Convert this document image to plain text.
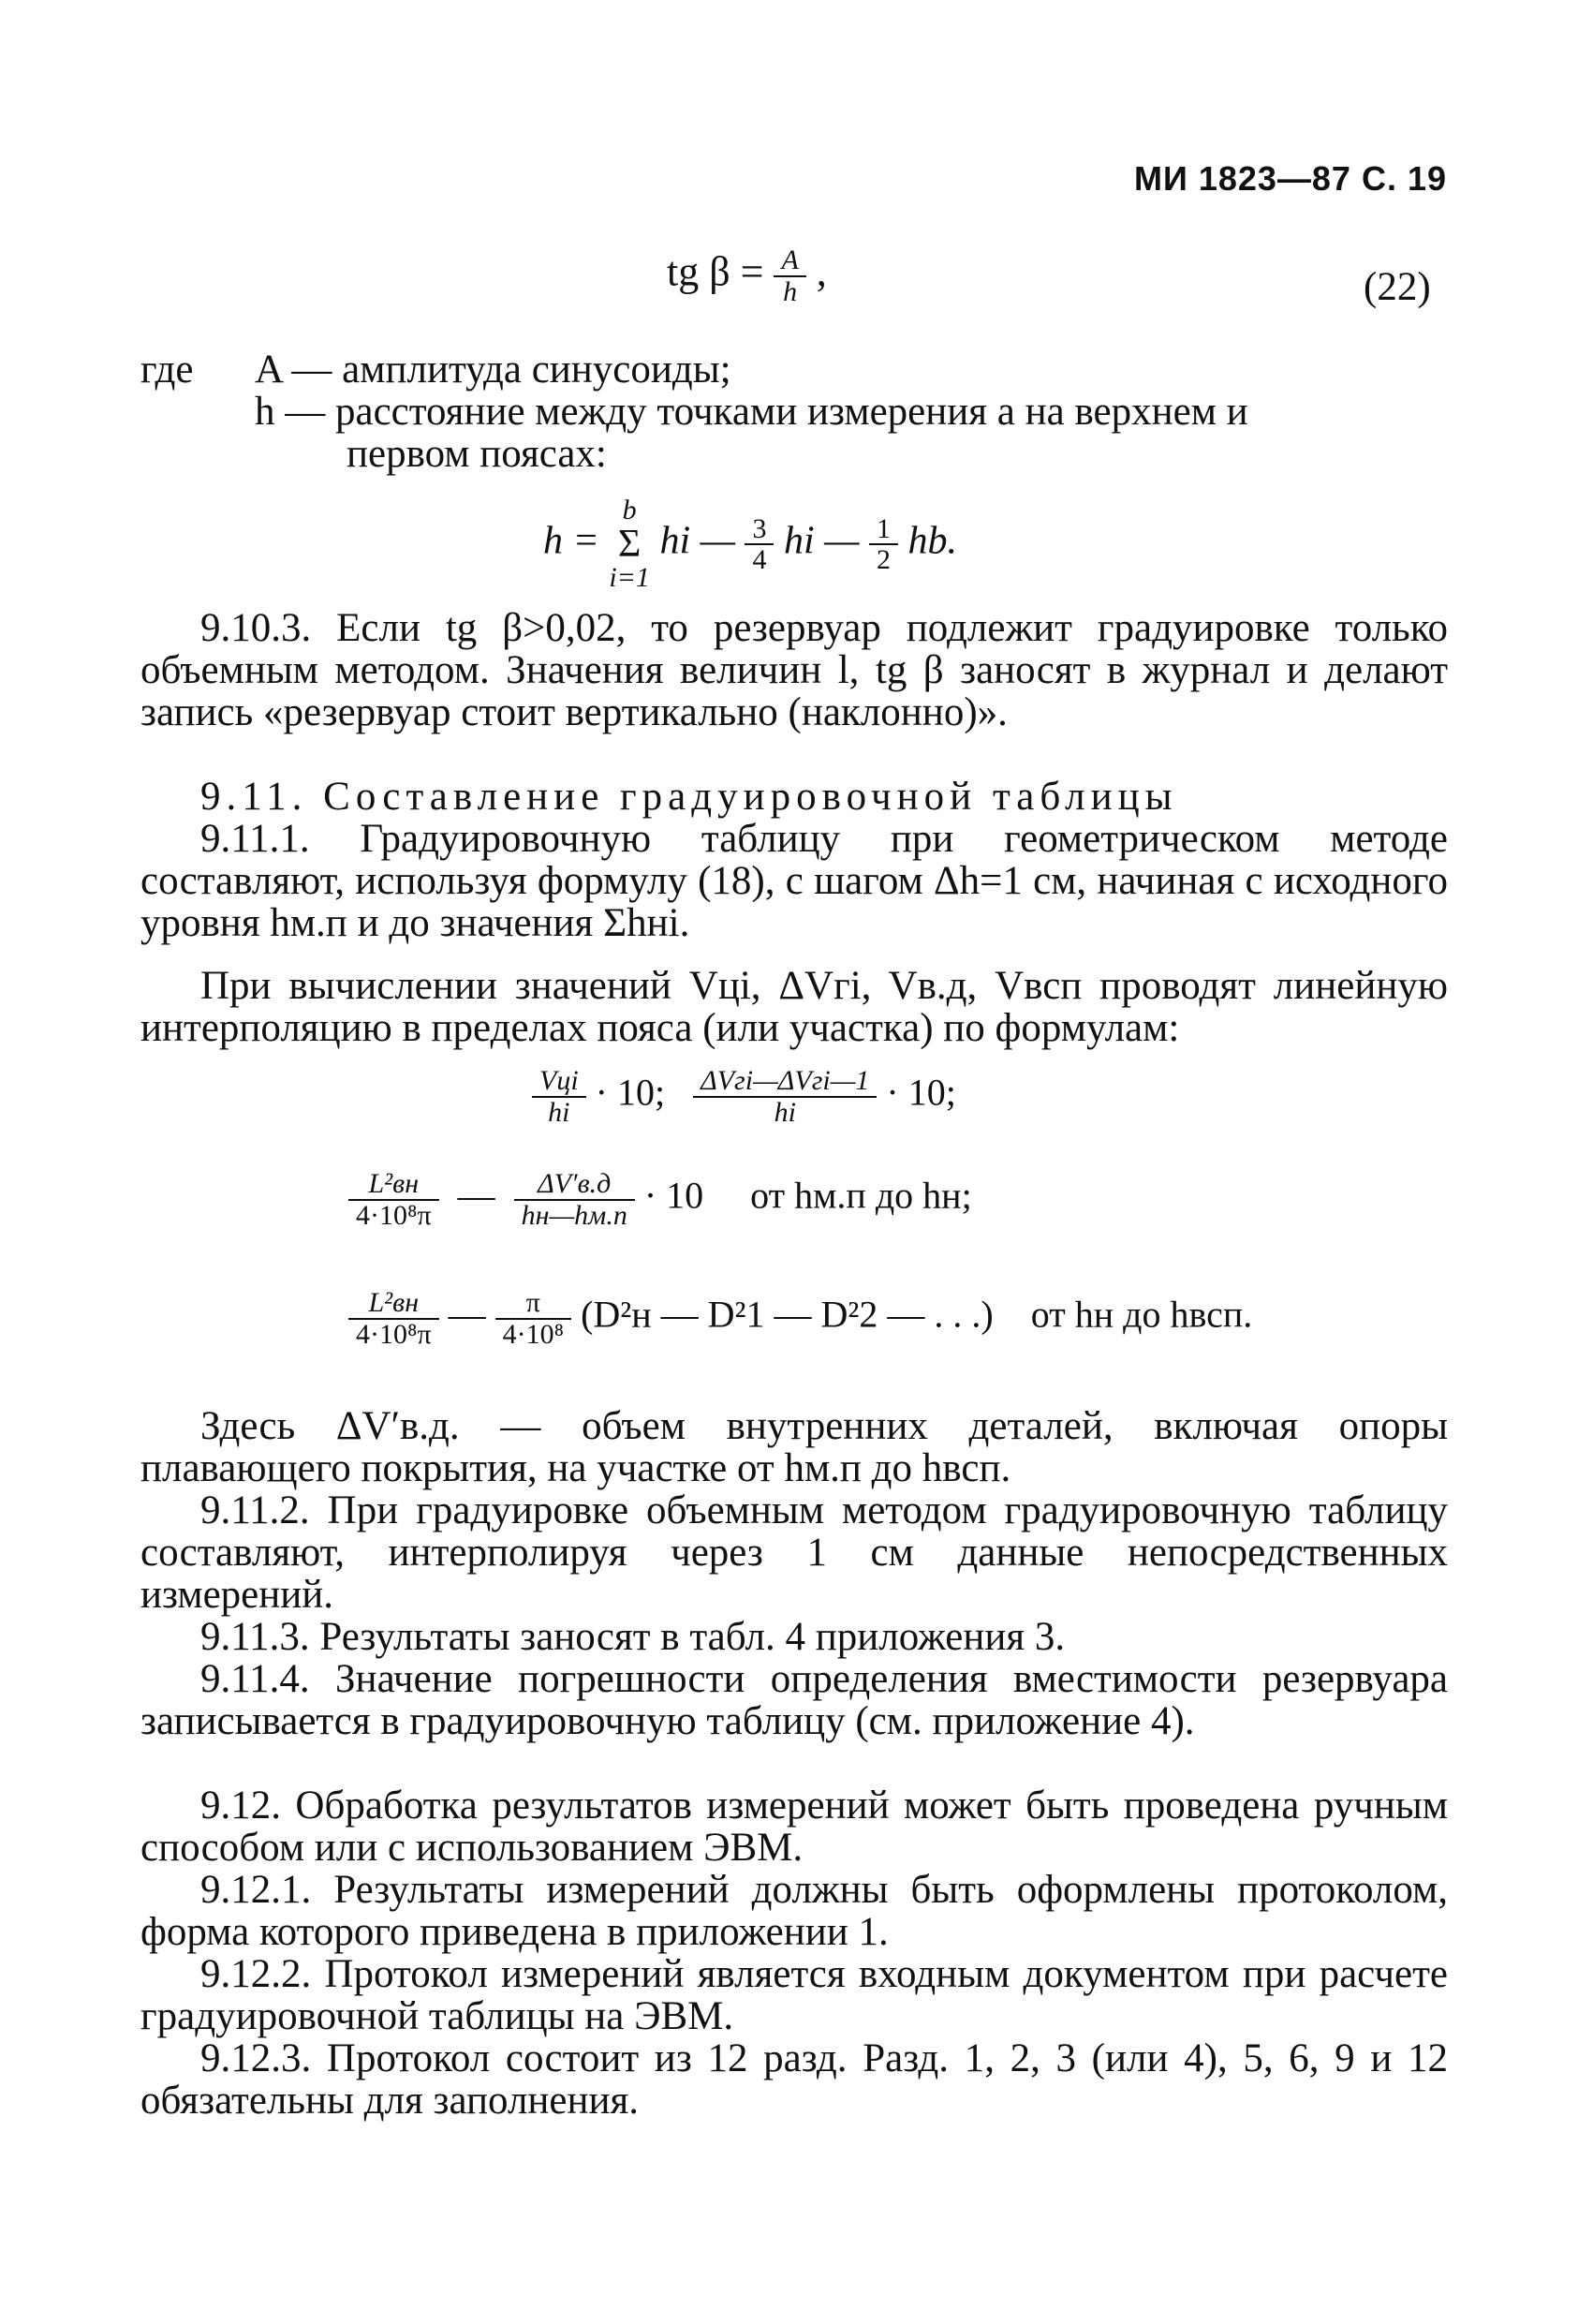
МИ 1823—87 С. 19
tg $\beta = \frac{A}{h}$ ,	(22)
где A — амплитуда синусоиды;
h — расстояние между точками измерения a на верхнем и
первом поясах:
h =
b
Σ
i=1
hi — $\frac{3}{4}$ hi — $\frac{1}{2}$ hb.
9.10.3. Если tg β>0,02, то резервуар подлежит градуировке только объемным методом. Значения величин l, tg β заносят в журнал и делают запись «резервуар стоит вертикально (наклонно)».
9.11. Составление градуировочной таблицы
9.11.1. Градуировочную таблицу при геометрическом методе составляют, используя формулу (18), с шагом Δh=1 см, начиная с исходного уровня hм.п и до значения Σhнi.
При вычислении значений Vцi, ΔVгi, Vв.д, Vвсп проводят линейную интерполяцию в пределах пояса (или участка) по формулам:
$\frac{\text{Vцi}}{hi} \cdot 10$; $\frac{\text{ΔVгi—ΔVгi—1}}{hi} \cdot 10$;
$\frac{\text{L²вн}}{\text{4·10⁸π}}$ — $\frac{\Delta V'в.д}{hн—hм.п} \cdot 10$ от hм.п до hн;
$\frac{\text{L²вн}}{\text{4·10⁸π}}$ — $\frac{\pi}{\text{4·10⁸}} (D^2н$ — D²1 — D²2 — . . .) от hн до hвсп.
Здесь ΔV′в.д. — объем внутренних деталей, включая опоры плавающего покрытия, на участке от hм.п до hвсп.
9.11.2. При градуировке объемным методом градуировочную таблицу составляют, интерполируя через 1 см данные непосредственных измерений.
9.11.3. Результаты заносят в табл. 4 приложения 3.
9.11.4. Значение погрешности определения вместимости резервуара записывается в градуировочную таблицу (см. приложение 4).
9.12. Обработка результатов измерений может быть проведена ручным способом или с использованием ЭВМ.
9.12.1. Результаты измерений должны быть оформлены протоколом, форма которого приведена в приложении 1.
9.12.2. Протокол измерений является входным документом при расчете градуировочной таблицы на ЭВМ.
9.12.3. Протокол состоит из 12 разд. Разд. 1, 2, 3 (или 4), 5, 6, 9 и 12 обязательны для заполнения.
